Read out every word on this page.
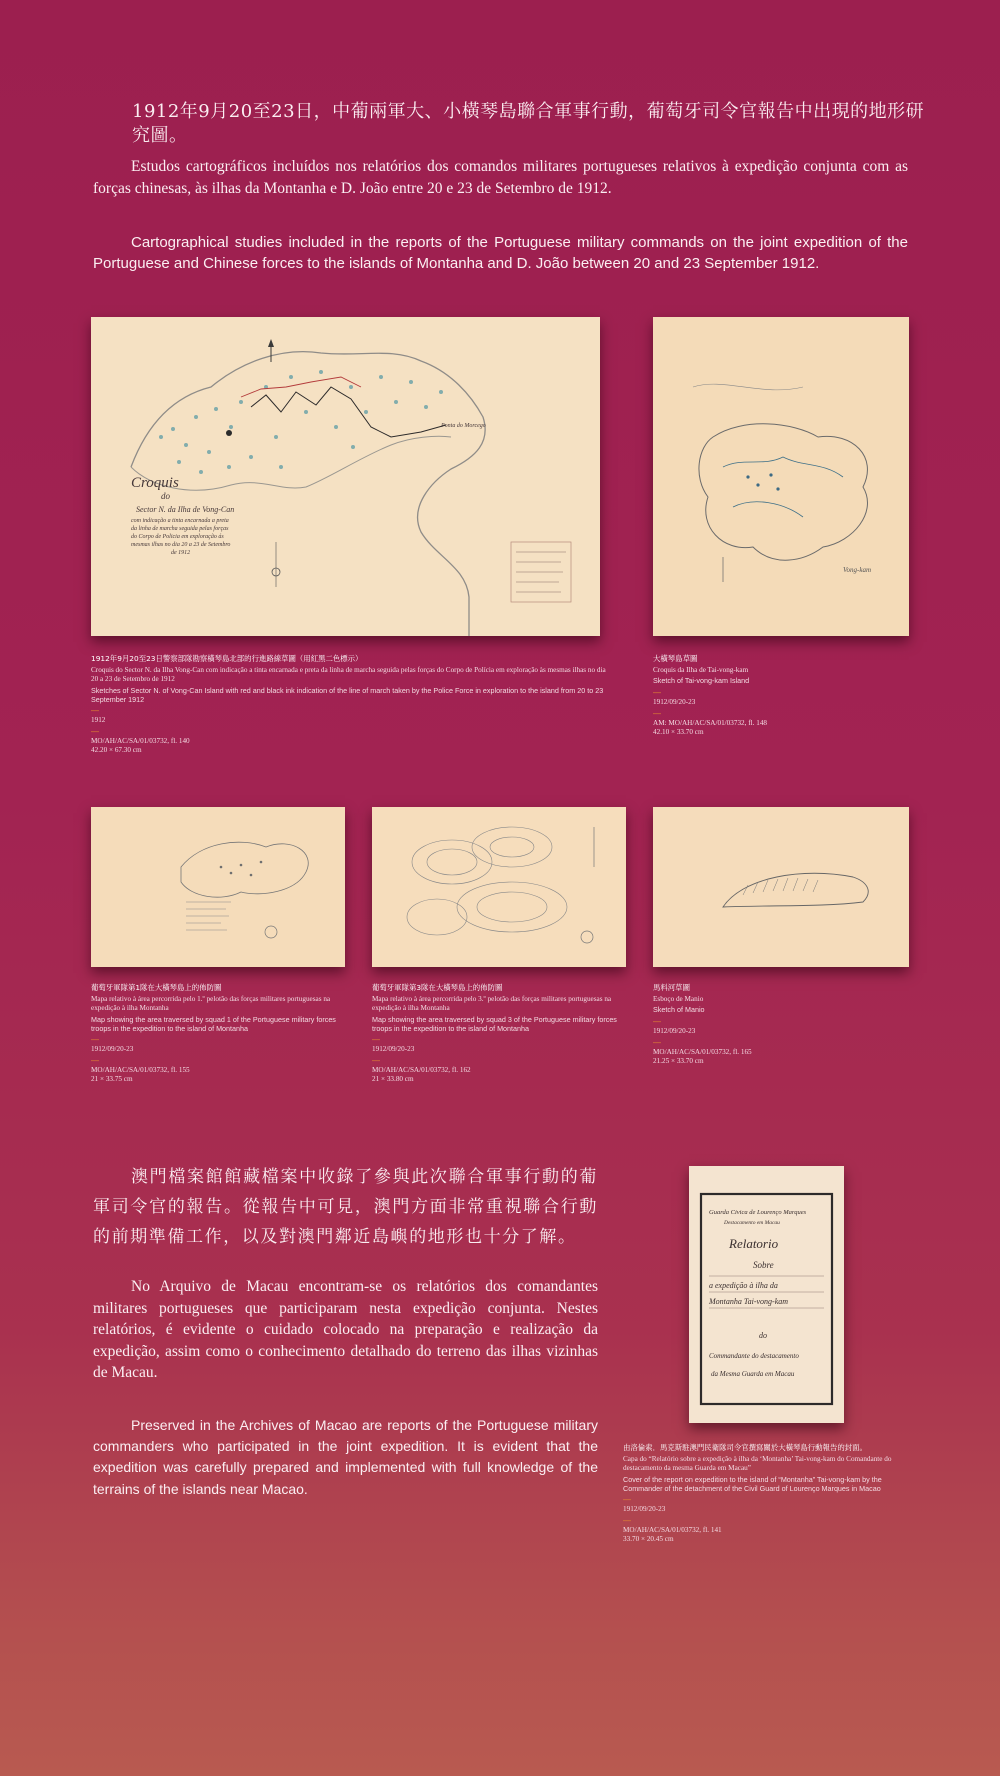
1912年9月20至23日，中葡兩軍大、小橫琴島聯合軍事行動，葡萄牙司令官報告中出現的地形研究圖。
Estudos cartográficos incluídos nos relatórios dos comandos militares portugueses relativos à expedição conjunta com as forças chinesas, às ilhas da Montanha e D. João entre 20 e 23 de Setembro de 1912.
Cartographical studies included in the reports of the Portuguese military commands on the joint expedition of the Portuguese and Chinese forces to the islands of Montanha and D. João between 20 and 23 September 1912.
Croquis
do
Sector N. da Ilha de Vong-Can
com indicação a tinta encarnada a preta
da linha de marcha seguida pelas forças
do Corpo de Policia em exploração ás
mesmas ilhas no dia 20 a 23 de Setembro
de 1912
Ponta do Morcego
Vong-kam
1912年9月20至23日警察部隊勘察橫琴島北部的行進路線草圖（用紅黑二色標示）
Croquis do Sector N. da Ilha Vong-Can com indicação a tinta encarnada e preta da linha de marcha seguida pelas forças do Corpo de Polícia em exploração às mesmas ilhas no dia 20 a 23 de Setembro de 1912
Sketches of Sector N. of Vong-Can Island with red and black ink indication of the line of march taken by the Police Force in exploration to the island from 20 to 23 September 1912
—
1912
—
MO/AH/AC/SA/01/03732, fl. 140
42.20 × 67.30 cm
大橫琴島草圖
Croquis da Ilha de Tai-vong-kam
Sketch of Tai-vong-kam Island
—
1912/09/20-23
—
AM: MO/AH/AC/SA/01/03732, fl. 148
42.10 × 33.70 cm
葡萄牙軍隊第1隊在大橫琴島上的佈防圖
Mapa relativo à área percorrida pelo 1.º pelotão das forças militares portuguesas na expedição à ilha Montanha
Map showing the area traversed by squad 1 of the Portuguese military forces troops in the expedition to the island of Montanha
—
1912/09/20-23
—
MO/AH/AC/SA/01/03732, fl. 155
21 × 33.75 cm
葡萄牙軍隊第3隊在大橫琴島上的佈防圖
Mapa relativo à área percorrida pelo 3.º pelotão das forças militares portuguesas na expedição à ilha Montanha
Map showing the area traversed by squad 3 of the Portuguese military forces troops in the expedition to the island of Montanha
—
1912/09/20-23
—
MO/AH/AC/SA/01/03732, fl. 162
21 × 33.80 cm
馬料河草圖
Esboço de Manio
Sketch of Manio
—
1912/09/20-23
—
MO/AH/AC/SA/01/03732, fl. 165
21.25 × 33.70 cm
澳門檔案館館藏檔案中收錄了參與此次聯合軍事行動的葡軍司令官的報告。從報告中可見，澳門方面非常重視聯合行動的前期準備工作，以及對澳門鄰近島嶼的地形也十分了解。
No Arquivo de Macau encontram-se os relatórios dos comandantes militares portugueses que participaram nesta expedição conjunta. Nestes relatórios, é evidente o cuidado colocado na preparação e realização da expedição, assim como o conhecimento detalhado do terreno das ilhas vizinhas de Macau.
Preserved in the Archives of Macao are reports of the Portuguese military commanders who participated in the joint expedition. It is evident that the expedition was carefully prepared and implemented with full knowledge of the terrains of the islands near Macao.
Guarda Civica de Lourenço Marques
Destacamento em Macau
Relatorio
Sobre
a expedição à ilha da
Montanha Tai-vong-kam
do
Commandante do destacamento
da Mesma Guarda em Macau
由洛倫索．馬克斯駐澳門民衛隊司令官撰寫關於大橫琴島行動報告的封面。
Capa do “Relatório sobre a expedição à ilha da ‘Montanha’ Tai-vong-kam do Comandante do destacamento da mesma Guarda em Macau”
Cover of the report on expedition to the island of “Montanha” Tai-vong-kam by the Commander of the detachment of the Civil Guard of Lourenço Marques in Macao
—
1912/09/20-23
—
MO/AH/AC/SA/01/03732, fl. 141
33.70 × 20.45 cm
